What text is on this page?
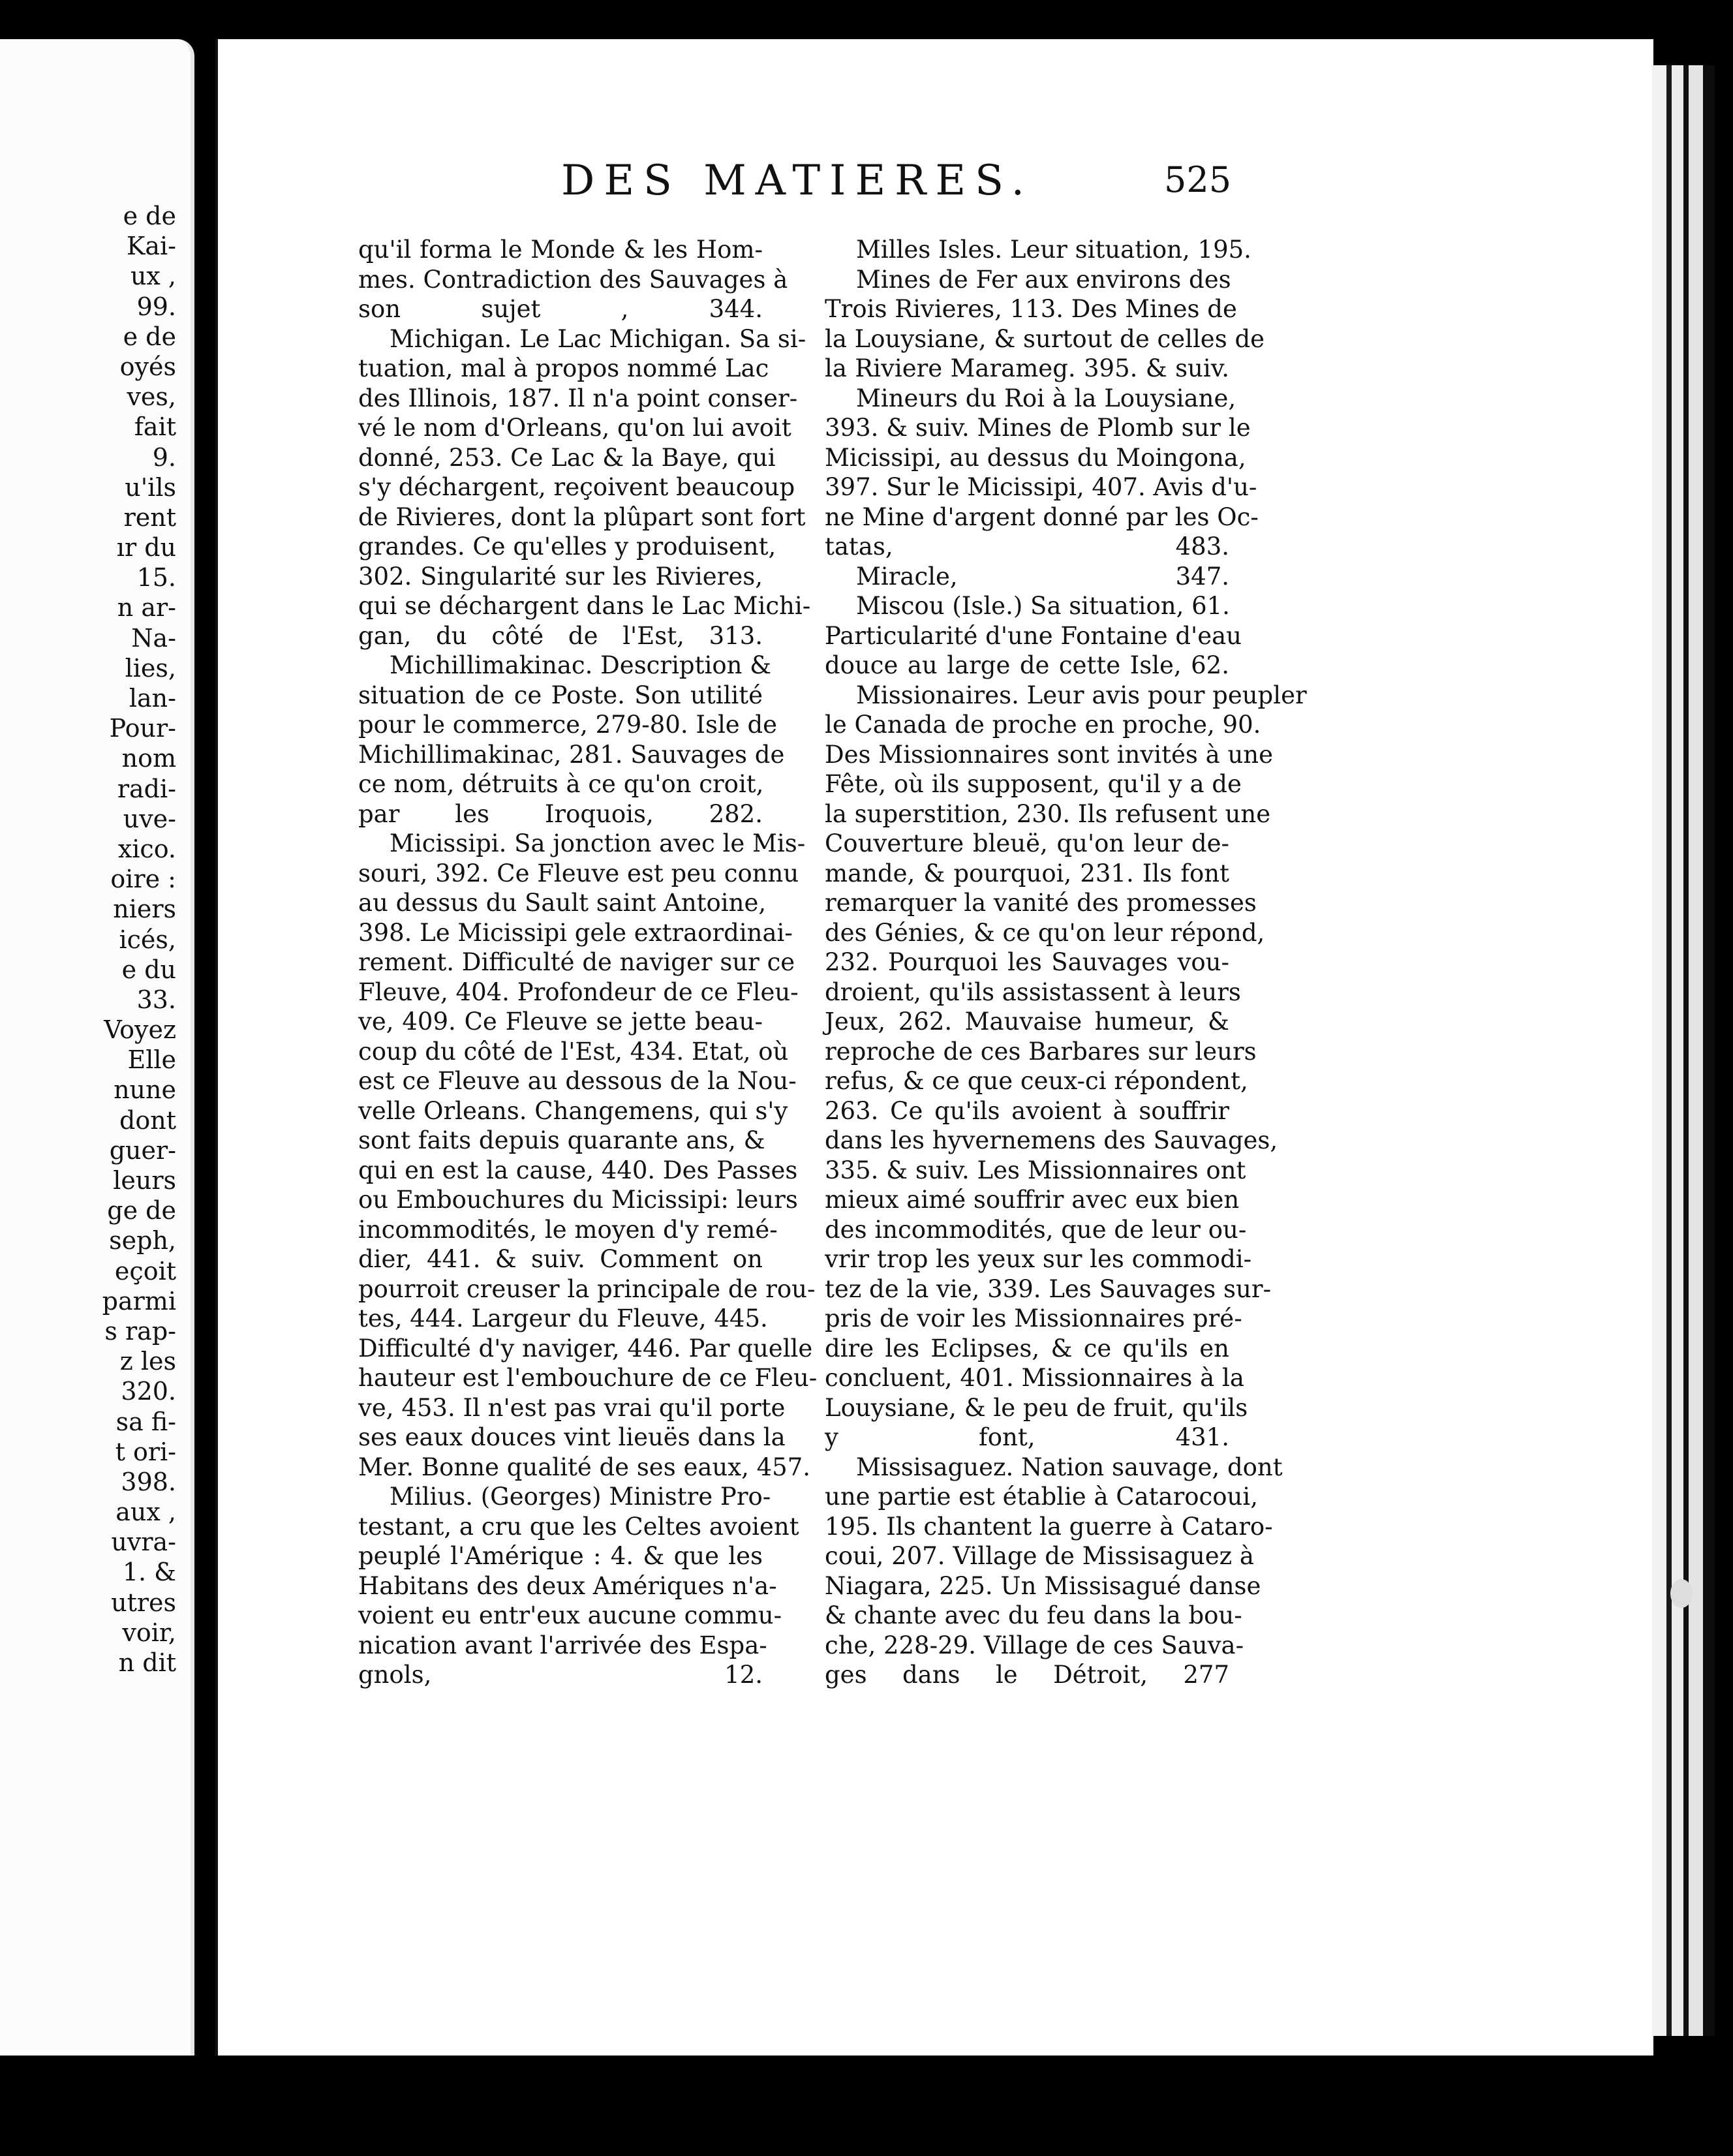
e de
Kai-
ux ,
99.
e de
oyés
ves,
fait
9.
u'ils
rent
ır du
15.
n ar-
Na-
lies,
lan-
Pour-
nom
radi-
uve-
xico.
oire :
niers
icés,
e du
33.
Voyez
Elle
nune
dont
guer-
leurs
ge de
seph,
eçoit
parmi
s rap-
z les
320.
sa fi-
t ori-
398.
aux ,
uvra-
1. &
utres
voir,
n dit
DES MATIERES.	525
qu'il forma le Monde & les Hom-
mes. Contradiction des Sauvages à
son sujet , 344.
Michigan. Le Lac Michigan. Sa si-
tuation, mal à propos nommé Lac
des Illinois, 187. Il n'a point conser-
vé le nom d'Orleans, qu'on lui avoit
donné, 253. Ce Lac & la Baye, qui
s'y déchargent, reçoivent beaucoup
de Rivieres, dont la plûpart sont fort
grandes. Ce qu'elles y produisent,
302. Singularité sur les Rivieres,
qui se déchargent dans le Lac Michi-
gan, du côté de l'Est, 313.
Michillimakinac. Description &
situation de ce Poste. Son utilité
pour le commerce, 279-80. Isle de
Michillimakinac, 281. Sauvages de
ce nom, détruits à ce qu'on croit,
par les Iroquois, 282.
Micissipi. Sa jonction avec le Mis-
souri, 392. Ce Fleuve est peu connu
au dessus du Sault saint Antoine,
398. Le Micissipi gele extraordinai-
rement. Difficulté de naviger sur ce
Fleuve, 404. Profondeur de ce Fleu-
ve, 409. Ce Fleuve se jette beau-
coup du côté de l'Est, 434. Etat, où
est ce Fleuve au dessous de la Nou-
velle Orleans. Changemens, qui s'y
sont faits depuis quarante ans, &
qui en est la cause, 440. Des Passes
ou Embouchures du Micissipi: leurs
incommodités, le moyen d'y remé-
dier, 441. & suiv. Comment on
pourroit creuser la principale de rou-
tes, 444. Largeur du Fleuve, 445.
Difficulté d'y naviger, 446. Par quelle
hauteur est l'embouchure de ce Fleu-
ve, 453. Il n'est pas vrai qu'il porte
ses eaux douces vint lieuës dans la
Mer. Bonne qualité de ses eaux, 457.
Milius. (Georges) Ministre Pro-
testant, a cru que les Celtes avoient
peuplé l'Amérique : 4. & que les
Habitans des deux Amériques n'a-
voient eu entr'eux aucune commu-
nication avant l'arrivée des Espa-
gnols, 12.
Milles Isles. Leur situation, 195.
Mines de Fer aux environs des
Trois Rivieres, 113. Des Mines de
la Louysiane, & surtout de celles de
la Riviere Marameg. 395. & suiv.
Mineurs du Roi à la Louysiane,
393. & suiv. Mines de Plomb sur le
Micissipi, au dessus du Moingona,
397. Sur le Micissipi, 407. Avis d'u-
ne Mine d'argent donné par les Oc-
tatas, 483.
Miracle, 347.
Miscou (Isle.) Sa situation, 61.
Particularité d'une Fontaine d'eau
douce au large de cette Isle, 62.
Missionaires. Leur avis pour peupler
le Canada de proche en proche, 90.
Des Missionnaires sont invités à une
Fête, où ils supposent, qu'il y a de
la superstition, 230. Ils refusent une
Couverture bleuë, qu'on leur de-
mande, & pourquoi, 231. Ils font
remarquer la vanité des promesses
des Génies, & ce qu'on leur répond,
232. Pourquoi les Sauvages vou-
droient, qu'ils assistassent à leurs
Jeux, 262. Mauvaise humeur, &
reproche de ces Barbares sur leurs
refus, & ce que ceux-ci répondent,
263. Ce qu'ils avoient à souffrir
dans les hyvernemens des Sauvages,
335. & suiv. Les Missionnaires ont
mieux aimé souffrir avec eux bien
des incommodités, que de leur ou-
vrir trop les yeux sur les commodi-
tez de la vie, 339. Les Sauvages sur-
pris de voir les Missionnaires pré-
dire les Eclipses, & ce qu'ils en
concluent, 401. Missionnaires à la
Louysiane, & le peu de fruit, qu'ils
y font, 431.
Missisaguez. Nation sauvage, dont
une partie est établie à Catarocoui,
195. Ils chantent la guerre à Cataro-
coui, 207. Village de Missisaguez à
Niagara, 225. Un Missisagué danse
& chante avec du feu dans la bou-
che, 228-29. Village de ces Sauva-
ges dans le Détroit, 277
